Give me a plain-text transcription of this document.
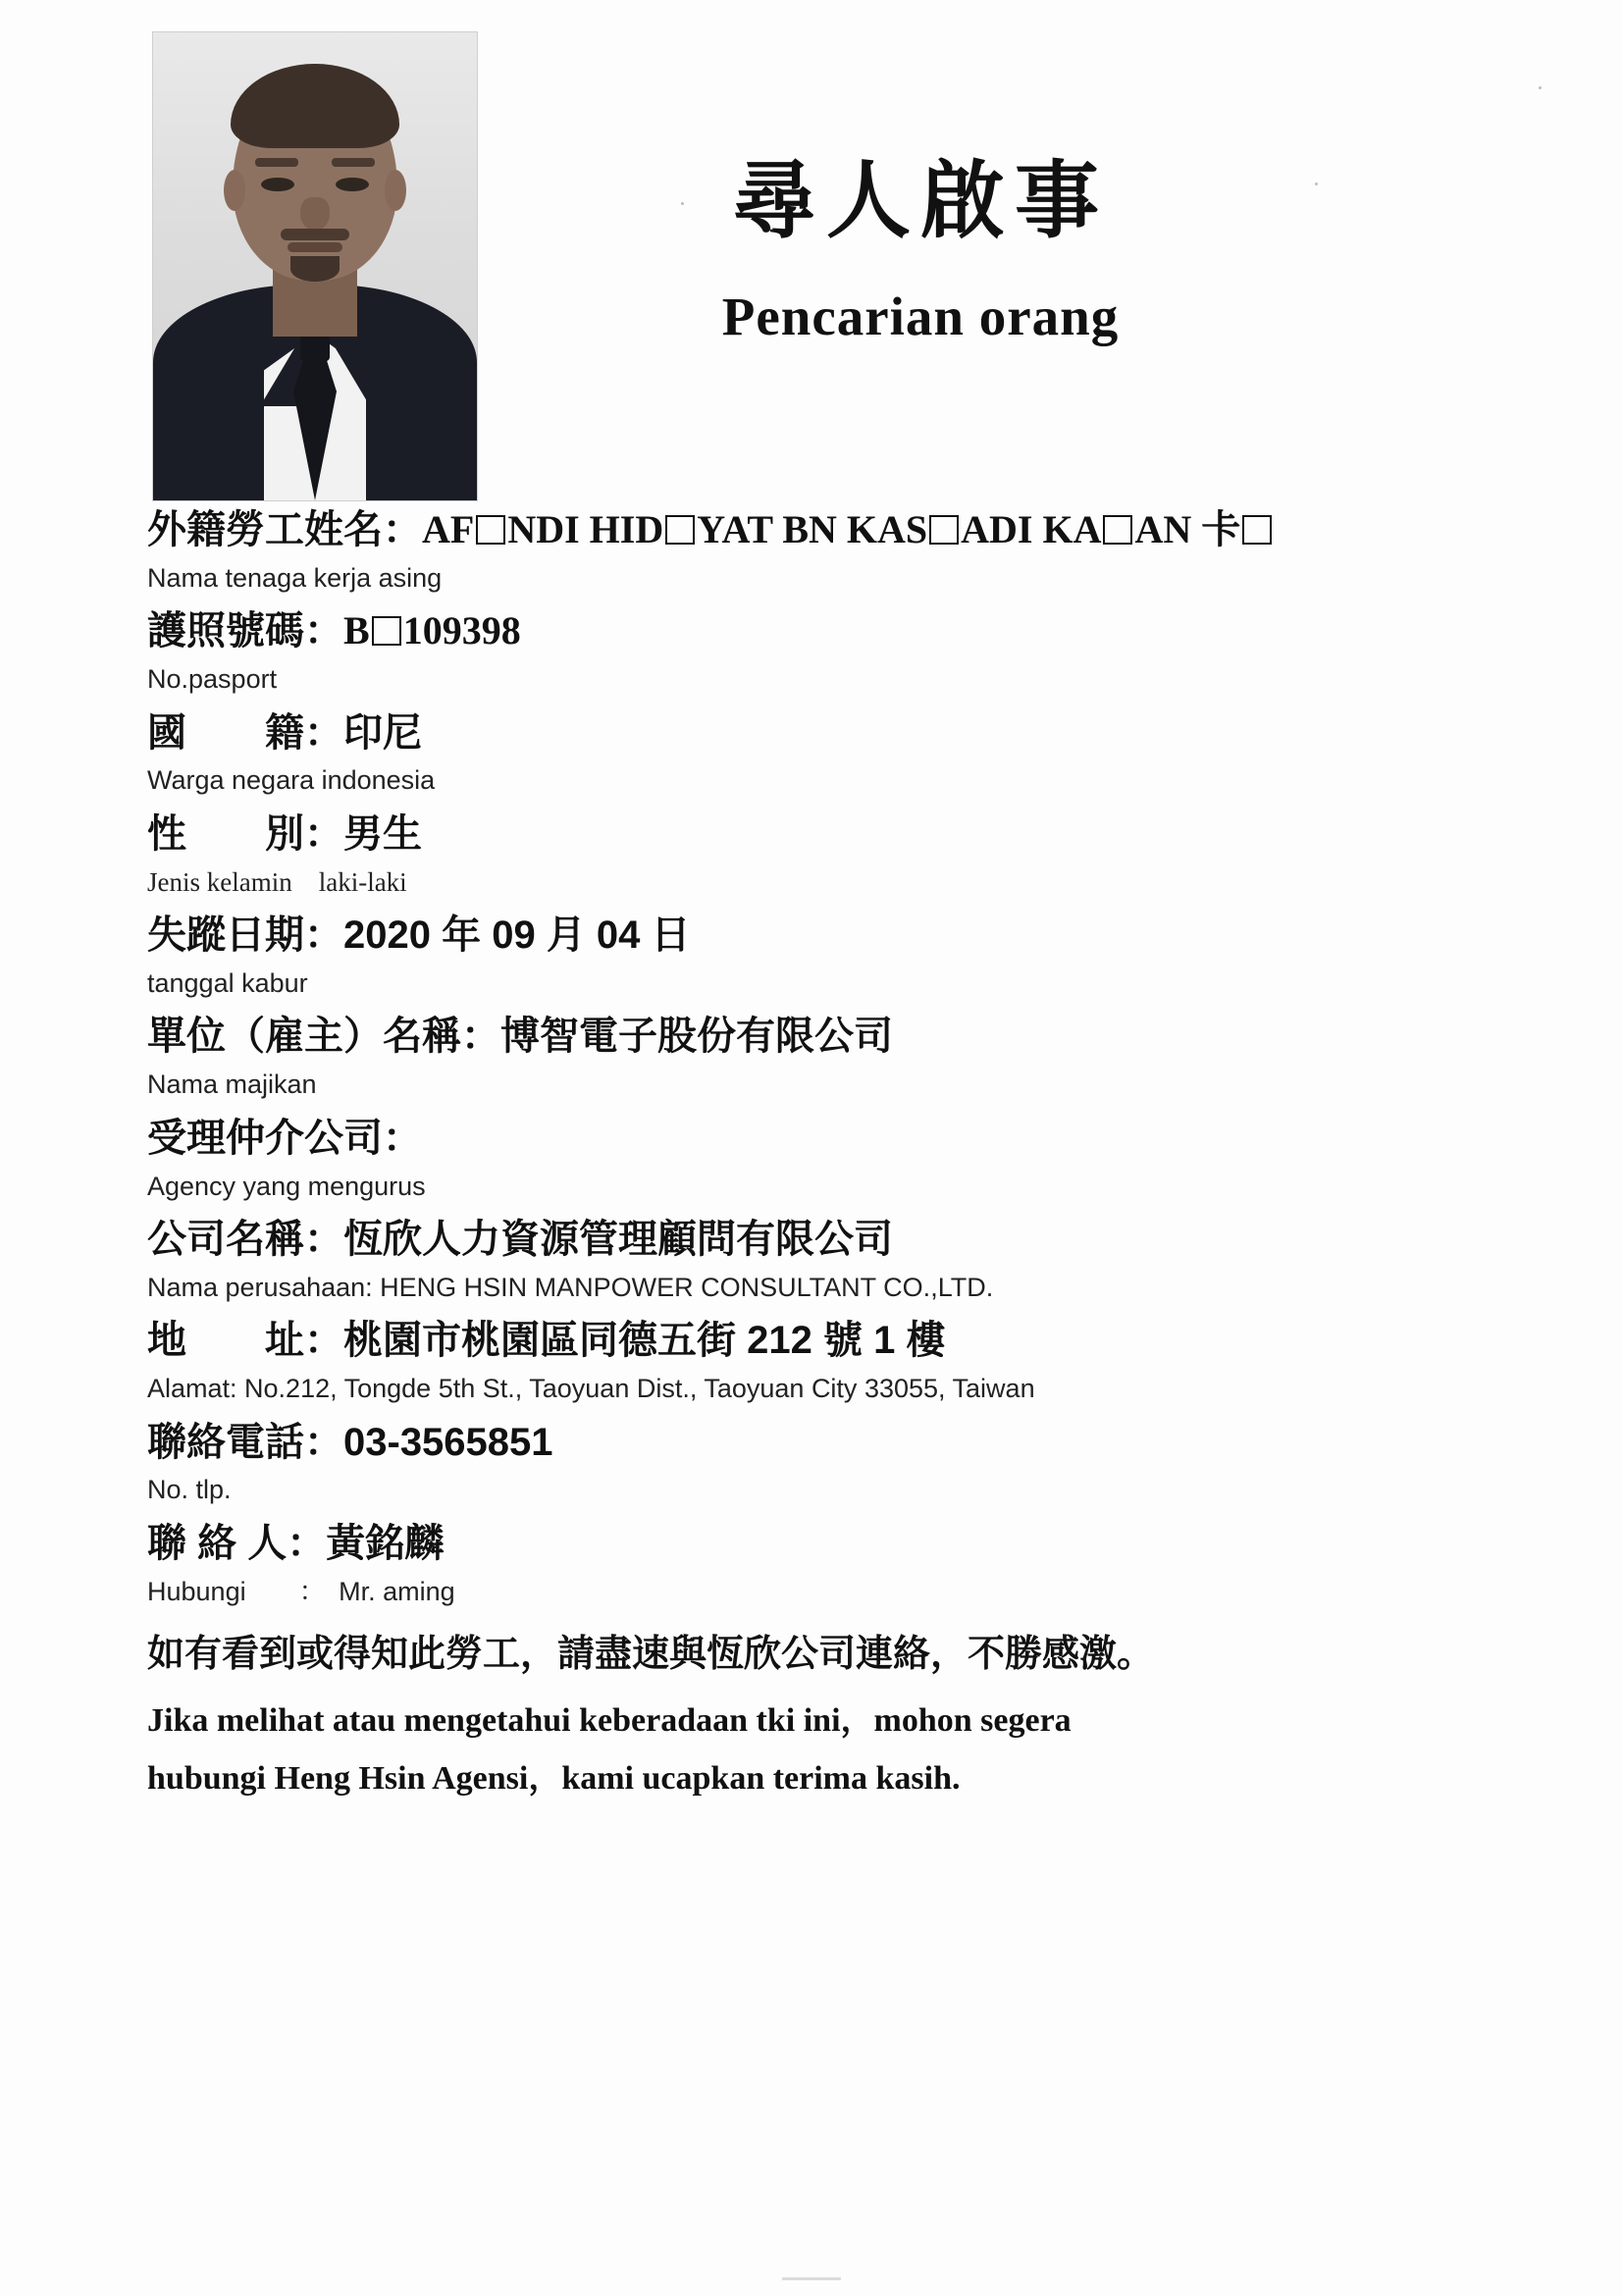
尋人啟事
Pencarian orang
外籍勞工姓名：AF NDI HID YAT BN KAS ADI KA AN 卡
Nama tenaga kerja asing
護照號碼：B 109398
No.pasport
國　　籍：印尼
Warga negara indonesia
性　　別：男生
Jenis kelamin　laki-laki
失蹤日期：2020 年 09 月 04 日
tanggal kabur
單位（雇主）名稱：博智電子股份有限公司
Nama majikan
受理仲介公司：
Agency yang mengurus
公司名稱：恆欣人力資源管理顧問有限公司
Nama perusahaan: HENG HSIN MANPOWER CONSULTANT CO.,LTD.
地　　址：桃園市桃園區同德五街 212 號 1 樓
Alamat: No.212, Tongde 5th St., Taoyuan Dist., Taoyuan City 33055, Taiwan
聯絡電話：03-3565851
No. tlp.
聯 絡 人：黃銘麟
Hubungi　　：　Mr. aming
如有看到或得知此勞工，請盡速與恆欣公司連絡，不勝感激。
Jika melihat atau mengetahui keberadaan tki ini，mohon segera
hubungi Heng Hsin Agensi，kami ucapkan terima kasih.
